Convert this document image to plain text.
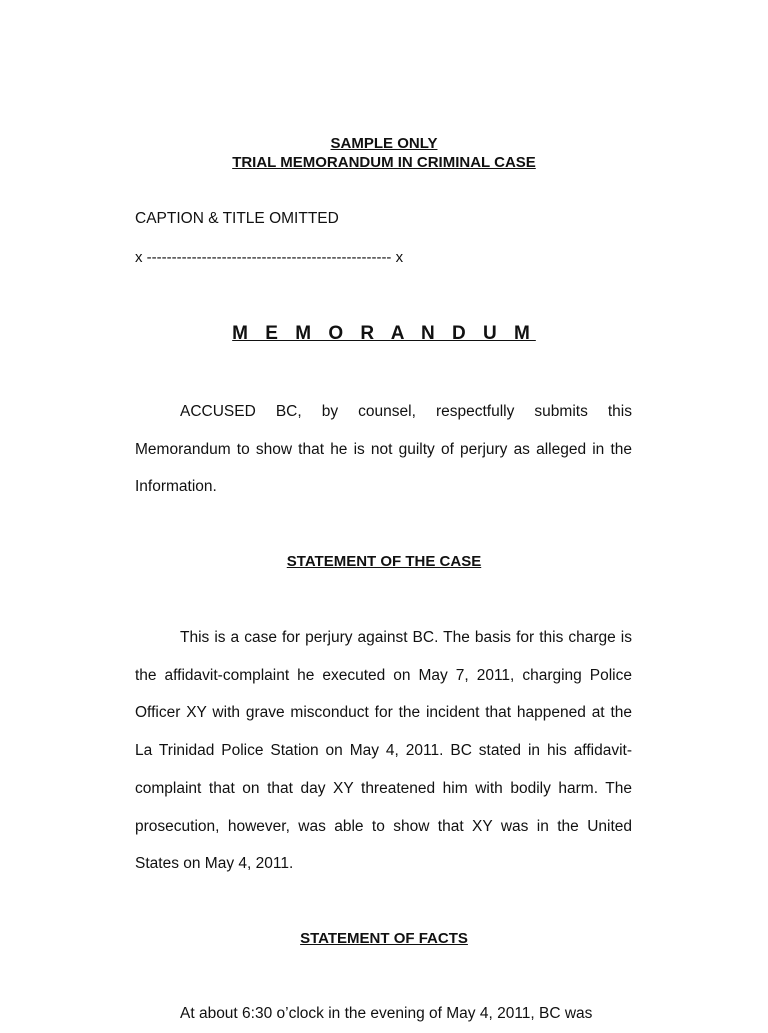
SAMPLE ONLY

TRIAL MEMORANDUM IN CRIMINAL CASE

CAPTION & TITLE OMITTED

x ------------------------------------------------- x

M E M O R A N D U M

ACCUSED BC, by counsel, respectfully submits this Memorandum to show that he is not guilty of perjury as alleged in the Information.

STATEMENT OF THE CASE

This is a case for perjury against BC. The basis for this charge is the affidavit-complaint he executed on May 7, 2011, charging Police Officer XY with grave misconduct for the incident that happened at the La Trinidad Police Station on May 4, 2011. BC stated in his affidavit-complaint that on that day XY threatened him with bodily harm. The prosecution, however, was able to show that XY was in the United States on May 4, 2011.

STATEMENT OF FACTS

At about 6:30 o’clock in the evening of May 4, 2011, BC was
